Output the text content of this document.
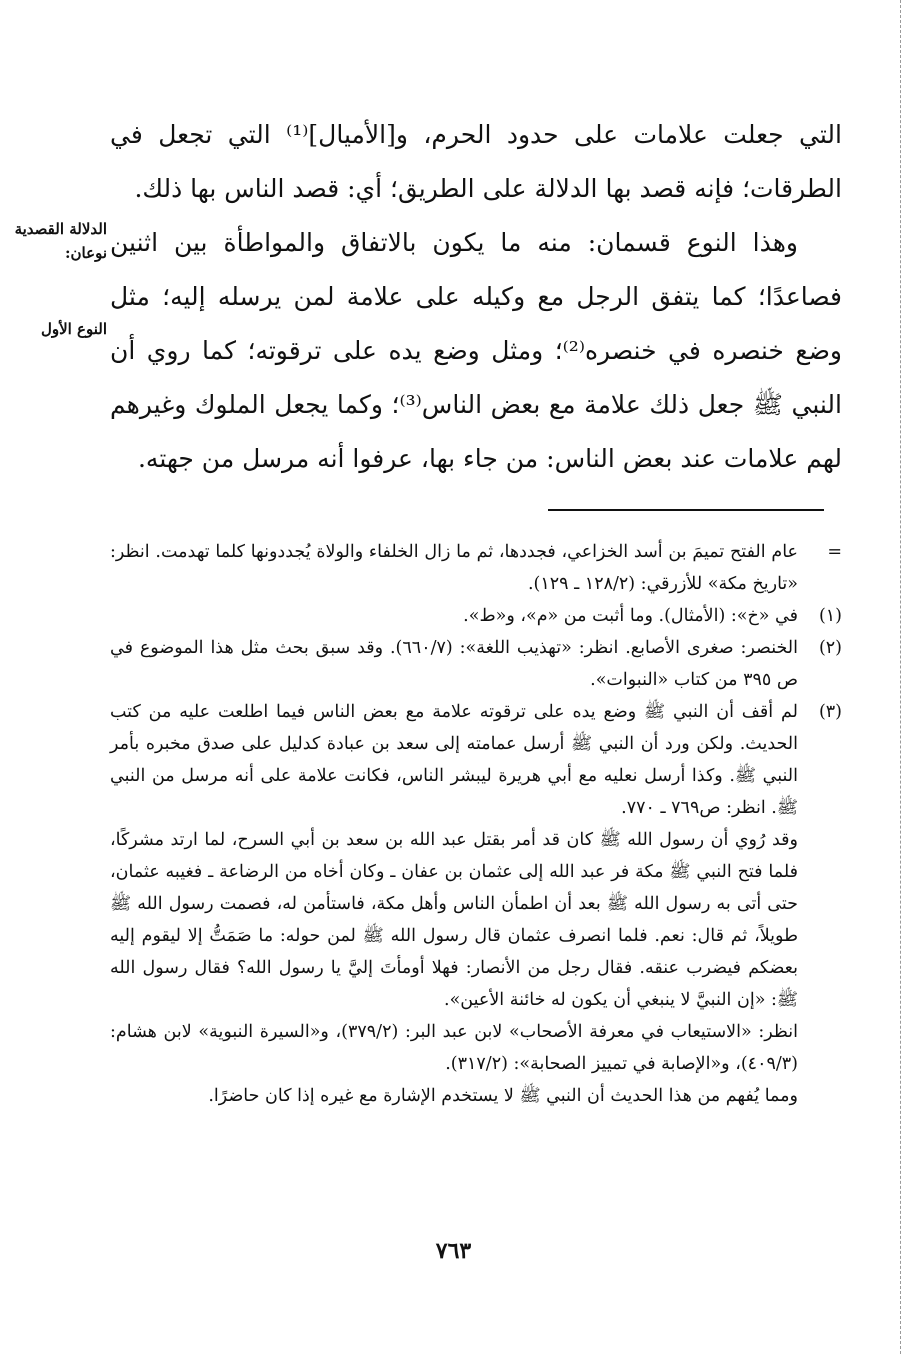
التي جعلت علامات على حدود الحرم، و[الأميال]⁽¹⁾ التي تجعل في الطرقات؛ فإنه قصد بها الدلالة على الطريق؛ أي: قصد الناس بها ذلك.

وهذا النوع قسمان: منه ما يكون بالاتفاق والمواطأة بين اثنين فصاعدًا؛ كما يتفق الرجل مع وكيله على علامة لمن يرسله إليه؛ مثل وضع خنصره في خنصره⁽²⁾؛ ومثل وضع يده على ترقوته؛ كما روي أن النبي ﷺ جعل ذلك علامة مع بعض الناس⁽³⁾؛ وكما يجعل الملوك وغيرهم لهم علامات عند بعض الناس: من جاء بها، عرفوا أنه مرسل من جهته.

الدلالة القصدية
نوعان:
النوع الأول

=
عام الفتح تميمَ بن أسد الخزاعي، فجددها، ثم ما زال الخلفاء والولاة يُجددونها كلما تهدمت. انظر: «تاريخ مكة» للأزرقي: (١٢٨/٢ ـ ١٢٩).

(١)
في «خ»: (الأمثال). وما أثبت من «م»، و«ط».

(٢)
الخنصر: صغرى الأصابع. انظر: «تهذيب اللغة»: (٦٦٠/٧). وقد سبق بحث مثل هذا الموضوع في ص ٣٩٥ من كتاب «النبوات».

(٣)
لم أقف أن النبي ﷺ وضع يده على ترقوته علامة مع بعض الناس فيما اطلعت عليه من كتب الحديث. ولكن ورد أن النبي ﷺ أرسل عمامته إلى سعد بن عبادة كدليل على صدق مخبره بأمر النبي ﷺ. وكذا أرسل نعليه مع أبي هريرة ليبشر الناس، فكانت علامة على أنه مرسل من النبي ﷺ. انظر: ص٧٦٩ ـ ٧٧٠.

وقد رُوي أن رسول الله ﷺ كان قد أمر بقتل عبد الله بن سعد بن أبي السرح، لما ارتد مشركًا، فلما فتح النبي ﷺ مكة فر عبد الله إلى عثمان بن عفان ـ وكان أخاه من الرضاعة ـ فغيبه عثمان، حتى أتى به رسول الله ﷺ بعد أن اطمأن الناس وأهل مكة، فاستأمن له، فصمت رسول الله ﷺ طويلاً، ثم قال: نعم. فلما انصرف عثمان قال رسول الله ﷺ لمن حوله: ما صَمَتُّ إلا ليقوم إليه بعضكم فيضرب عنقه. فقال رجل من الأنصار: فهلا أومأتَ إليَّ يا رسول الله؟ فقال رسول الله ﷺ: «إن النبيَّ لا ينبغي أن يكون له خائنة الأعين».

انظر: «الاستيعاب في معرفة الأصحاب» لابن عبد البر: (٣٧٩/٢)، و«السيرة النبوية» لابن هشام: (٤٠٩/٣)، و«الإصابة في تمييز الصحابة»: (٣١٧/٢).

ومما يُفهم من هذا الحديث أن النبي ﷺ لا يستخدم الإشارة مع غيره إذا كان حاضرًا.

٧٦٣
